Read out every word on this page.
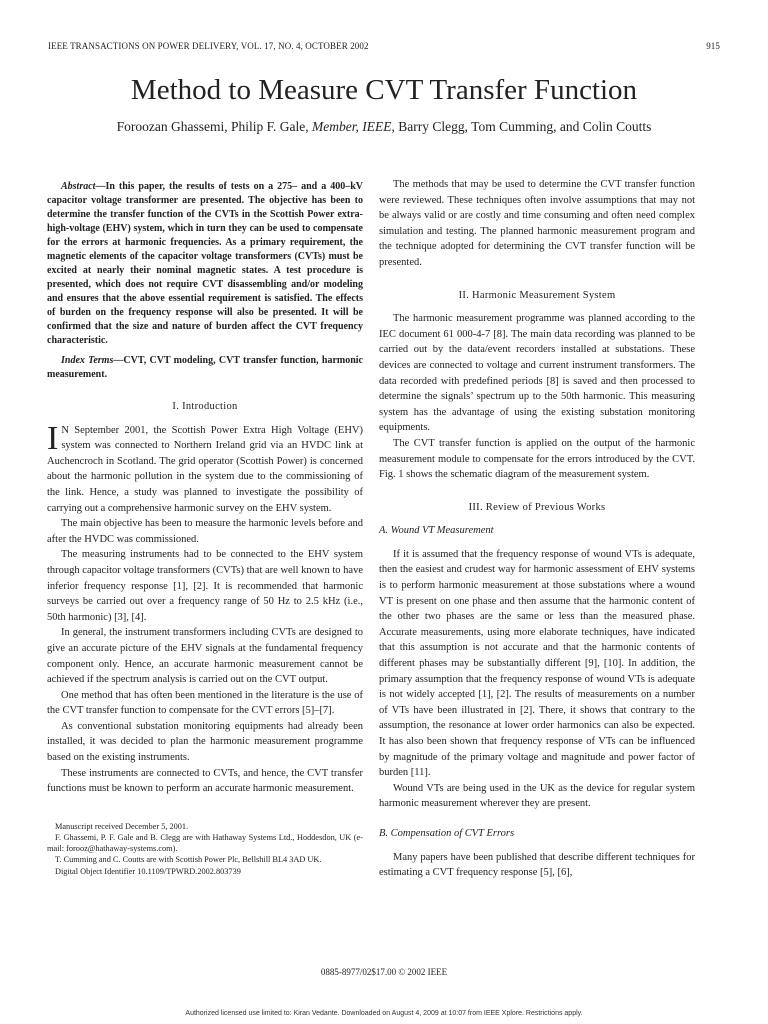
IEEE TRANSACTIONS ON POWER DELIVERY, VOL. 17, NO. 4, OCTOBER 2002	915
Method to Measure CVT Transfer Function
Foroozan Ghassemi, Philip F. Gale, Member, IEEE, Barry Clegg, Tom Cumming, and Colin Coutts

Abstract—In this paper, the results of tests on a 275– and a 400–kV capacitor voltage transformer are presented. The objective has been to determine the transfer function of the CVTs in the Scottish Power extra-high-voltage (EHV) system, which in turn they can be used to compensate for the errors at harmonic frequencies. As a primary requirement, the magnetic elements of the capacitor voltage transformers (CVTs) must be excited at nearly their nominal magnetic states. A test procedure is presented, which does not require CVT disassembling and/or modeling and ensures that the above essential requirement is satisfied. The effects of burden on the frequency response will also be presented. It will be confirmed that the size and nature of burden affect the CVT frequency characteristic.

Index Terms—CVT, CVT modeling, CVT transfer function, harmonic measurement.

I. Introduction

I N September 2001, the Scottish Power Extra High Voltage (EHV) system was connected to Northern Ireland grid via an HVDC link at Auchencroch in Scotland. The grid operator (Scottish Power) is concerned about the harmonic pollution in the system due to the commissioning of the link. Hence, a study was planned to investigate the possibility of carrying out a comprehensive harmonic survey on the EHV system.

The main objective has been to measure the harmonic levels before and after the HVDC was commissioned.

The measuring instruments had to be connected to the EHV system through capacitor voltage transformers (CVTs) that are well known to have inferior frequency response [1], [2]. It is recommended that harmonic surveys be carried out over a frequency range of 50 Hz to 2.5 kHz (i.e., 50th harmonic) [3], [4].

In general, the instrument transformers including CVTs are designed to give an accurate picture of the EHV signals at the fundamental frequency component only. Hence, an accurate harmonic measurement cannot be achieved if the spectrum analysis is carried out on the CVT output.

One method that has often been mentioned in the literature is the use of the CVT transfer function to compensate for the CVT errors [5]–[7].

As conventional substation monitoring equipments had already been installed, it was decided to plan the harmonic measurement programme based on the existing instruments.

These instruments are connected to CVTs, and hence, the CVT transfer functions must be known to perform an accurate harmonic measurement.

Manuscript received December 5, 2001.

F. Ghassemi, P. F. Gale and B. Clegg are with Hathaway Systems Ltd., Hoddesdon, UK (e-mail: forooz@hathaway-systems.com).

T. Cumming and C. Coutts are with Scottish Power Plc, Bellshill BL4 3AD UK.

Digital Object Identifier 10.1109/TPWRD.2002.803739

The methods that may be used to determine the CVT transfer function were reviewed. These techniques often involve assumptions that may not be always valid or are costly and time consuming and often need complex simulation and testing. The planned harmonic measurement program and the technique adopted for determining the CVT transfer function will be presented.

II. Harmonic Measurement System

The harmonic measurement programme was planned according to the IEC document 61 000-4-7 [8]. The main data recording was planned to be carried out by the data/event recorders installed at substations. These devices are connected to voltage and current instrument transformers. The data recorded with predefined periods [8] is saved and then processed to determine the signals’ spectrum up to the 50th harmonic. This measuring system has the advantage of using the existing substation monitoring equipments.

The CVT transfer function is applied on the output of the harmonic measurement module to compensate for the errors introduced by the CVT. Fig. 1 shows the schematic diagram of the measurement system.

III. Review of Previous Works

A. Wound VT Measurement

If it is assumed that the frequency response of wound VTs is adequate, then the easiest and crudest way for harmonic assessment of EHV systems is to perform harmonic measurement at those substations where a wound VT is present on one phase and then assume that the harmonic content of the other two phases are the same or less than the measured phase. Accurate measurements, using more elaborate techniques, have indicated that this assumption is not accurate and that the harmonic contents of different phases may be substantially different [9], [10]. In addition, the primary assumption that the frequency response of wound VTs is adequate is not widely accepted [1], [2]. The results of measurements on a number of VTs have been illustrated in [2]. There, it shows that contrary to the assumption, the resonance at lower order harmonics can also be expected. It has also been shown that frequency response of VTs can be influenced by magnitude of the primary voltage and magnitude and power factor of burden [11].

Wound VTs are being used in the UK as the device for regular system harmonic measurement wherever they are present.

B. Compensation of CVT Errors

Many papers have been published that describe different techniques for estimating a CVT frequency response [5], [6],

0885-8977/02$17.00 © 2002 IEEE
Authorized licensed use limited to: Kiran Vedante. Downloaded on August 4, 2009 at 10:07 from IEEE Xplore. Restrictions apply.
